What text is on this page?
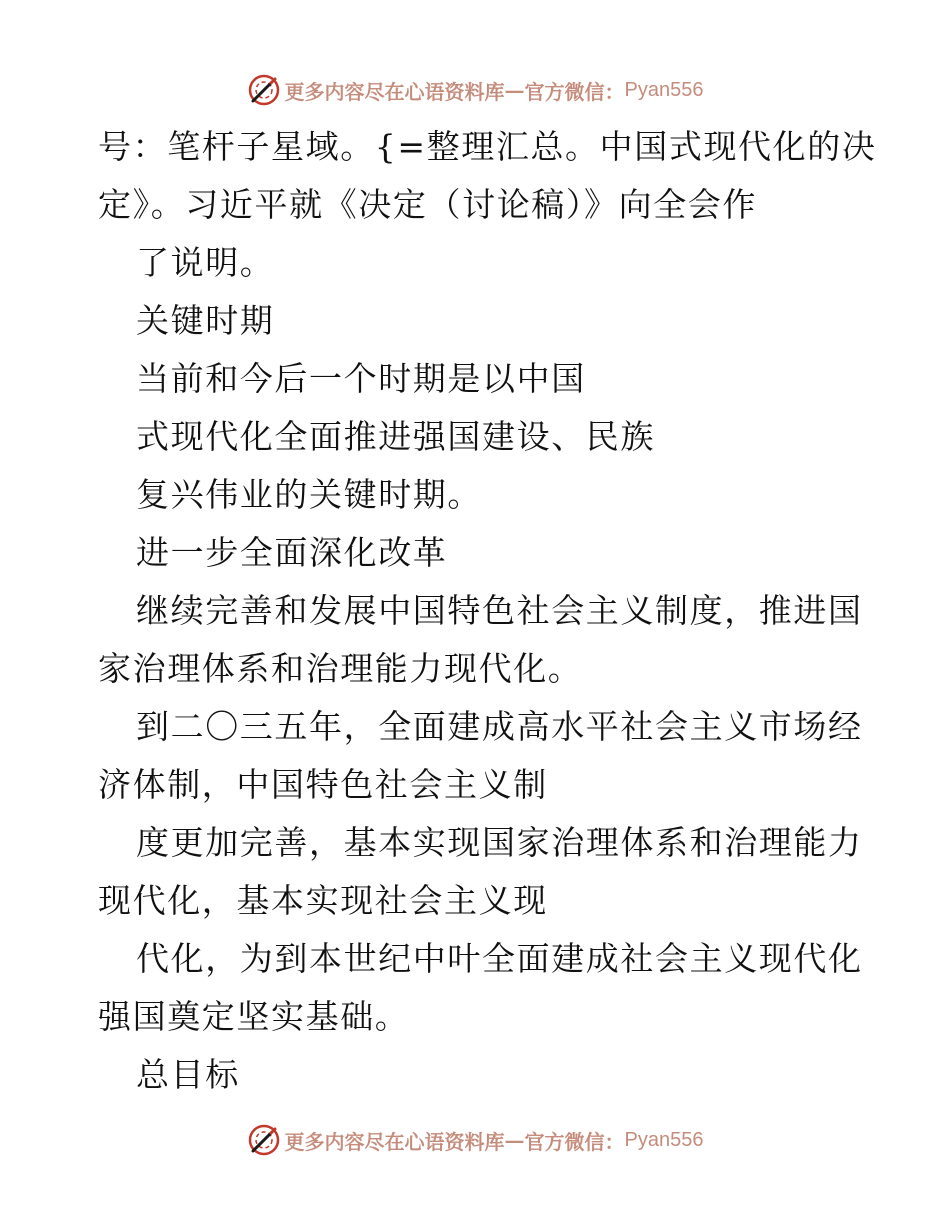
更多内容尽在心语资料库 — 官方微信： Pyan556
号：笔杆子星域。{=整理汇总。中国式现代化的决
定》。习近平就《决定（讨论稿）》向全会作
了说明。
关键时期
当前和今后一个时期是以中国
式现代化全面推进强国建设、民族
复兴伟业的关键时期。
进一步全面深化改革
继续完善和发展中国特色社会主义制度，推进国
家治理体系和治理能力现代化。
到二〇三五年，全面建成高水平社会主义市场经
济体制，中国特色社会主义制
度更加完善，基本实现国家治理体系和治理能力
现代化，基本实现社会主义现
代化，为到本世纪中叶全面建成社会主义现代化
强国奠定坚实基础。
总目标
更多内容尽在心语资料库 — 官方微信： Pyan556
